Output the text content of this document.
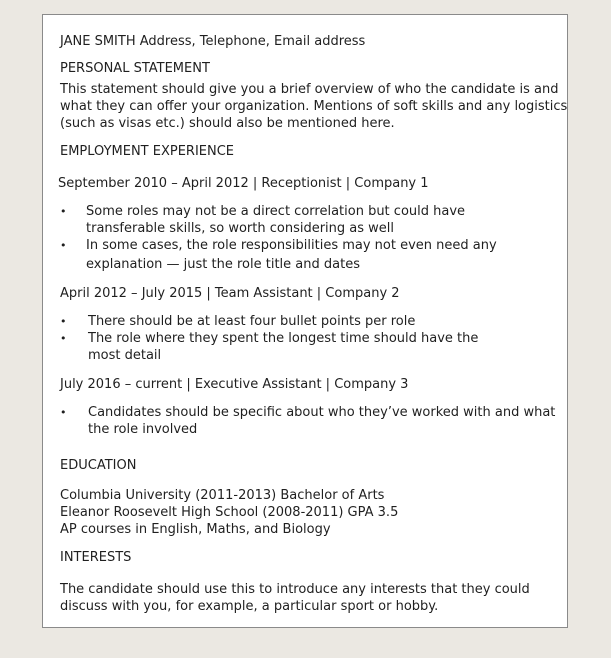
JANE SMITH Address, Telephone, Email address
PERSONAL STATEMENT
This statement should give you a brief overview of who the candidate is and
what they can offer your organization. Mentions of soft skills and any logistics
(such as visas etc.) should also be mentioned here.
EMPLOYMENT EXPERIENCE
September 2010 – April 2012 | Receptionist | Company 1
• Some roles may not be a direct correlation but could have
transferable skills, so worth considering as well
• In some cases, the role responsibilities may not even need any
explanation — just the role title and dates
April 2012 – July 2015 | Team Assistant | Company 2
• There should be at least four bullet points per role
• The role where they spent the longest time should have the
most detail
July 2016 – current | Executive Assistant | Company 3
• Candidates should be specific about who they’ve worked with and what
the role involved
EDUCATION
Columbia University (2011-2013) Bachelor of Arts
Eleanor Roosevelt High School (2008-2011) GPA 3.5
AP courses in English, Maths, and Biology
INTERESTS
The candidate should use this to introduce any interests that they could
discuss with you, for example, a particular sport or hobby.
